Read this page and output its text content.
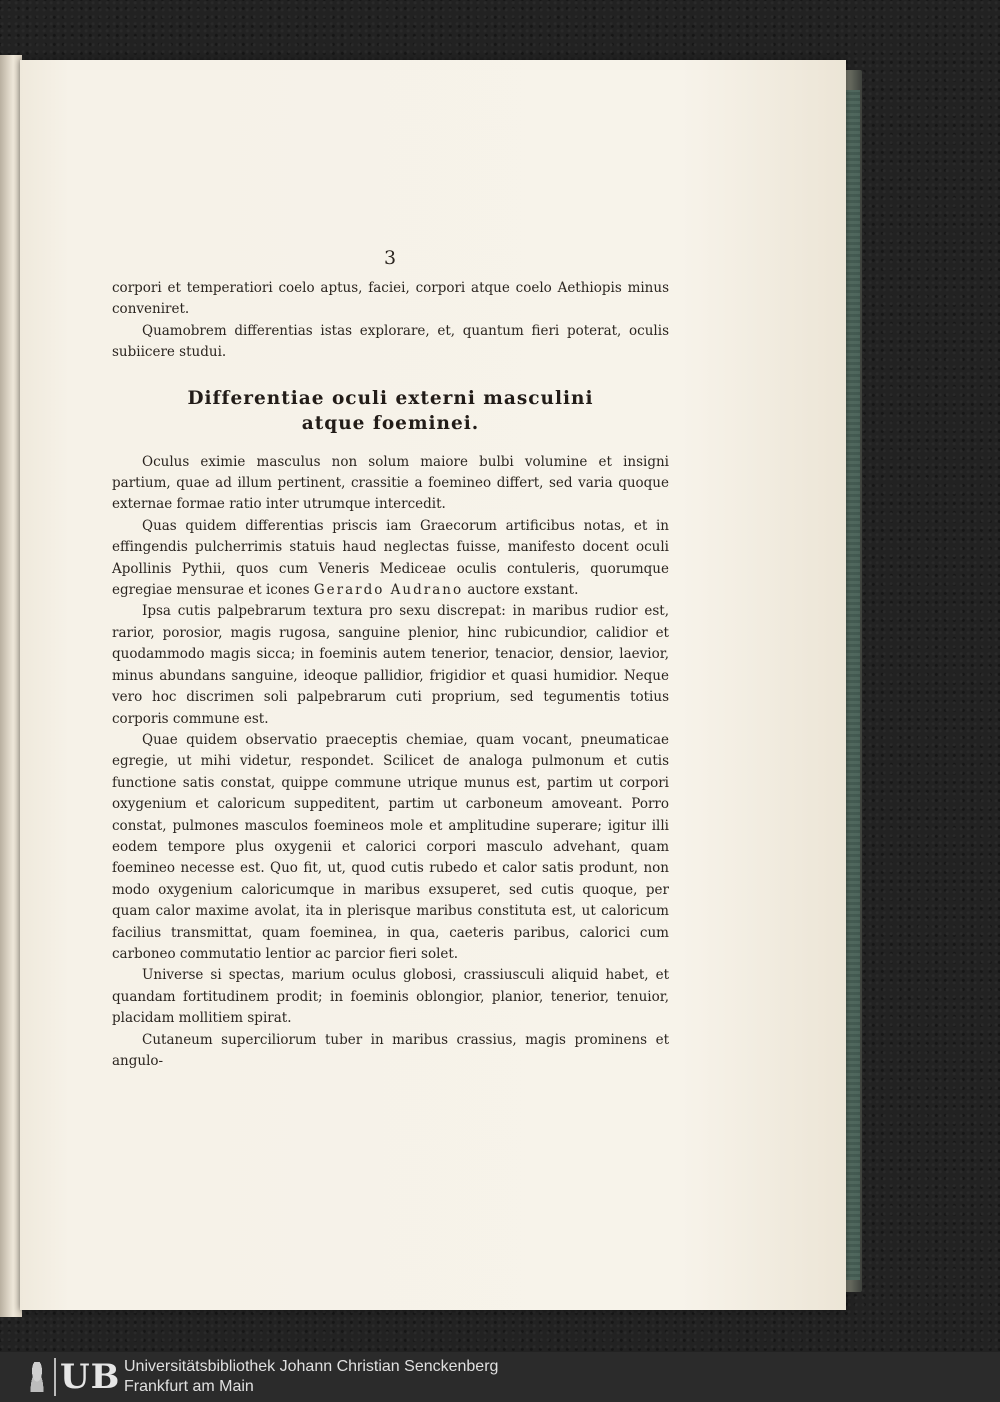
3

corpori et temperatiori coelo aptus, faciei, corpori atque coelo Aethiopis minus conveniret.

Quamobrem differentias istas explorare, et, quantum fieri poterat, oculis subiicere studui.

Differentiae oculi externi masculini
atque foeminei.

Oculus eximie masculus non solum maiore bulbi volumine et insigni partium, quae ad illum pertinent, crassitie a foemineo differt, sed varia quoque externae formae ratio inter utrumque intercedit.

Quas quidem differentias priscis iam Graecorum artificibus notas, et in effingendis pulcherrimis statuis haud neglectas fuisse, manifesto docent oculi Apollinis Pythii, quos cum Veneris Mediceae oculis contuleris, quorumque egregiae mensurae et icones Gerardo Audrano auctore exstant.

Ipsa cutis palpebrarum textura pro sexu discrepat: in maribus rudior est, rarior, porosior, magis rugosa, sanguine plenior, hinc rubicundior, calidior et quodammodo magis sicca; in foeminis autem tenerior, tenacior, densior, laevior, minus abundans sanguine, ideoque pallidior, frigidior et quasi humidior. Neque vero hoc discrimen soli palpebrarum cuti proprium, sed tegumentis totius corporis commune est.

Quae quidem observatio praeceptis chemiae, quam vocant, pneumaticae egregie, ut mihi videtur, respondet. Scilicet de analoga pulmonum et cutis functione satis constat, quippe commune utrique munus est, partim ut corpori oxygenium et caloricum suppeditent, partim ut carboneum amoveant. Porro constat, pulmones masculos foemineos mole et amplitudine superare; igitur illi eodem tempore plus oxygenii et calorici corpori masculo advehant, quam foemineo necesse est. Quo fit, ut, quod cutis rubedo et calor satis produnt, non modo oxygenium caloricumque in maribus exsuperet, sed cutis quoque, per quam calor maxime avolat, ita in plerisque maribus constituta est, ut caloricum facilius transmittat, quam foeminea, in qua, caeteris paribus, calorici cum carboneo commutatio lentior ac parcior fieri solet.

Universe si spectas, marium oculus globosi, crassiusculi aliquid habet, et quandam fortitudinem prodit; in foeminis oblongior, planior, tenerior, tenuior, placidam mollitiem spirat.

Cutaneum superciliorum tuber in maribus crassius, magis prominens et angulo-

UB Universitätsbibliothek Johann Christian Senckenberg
Frankfurt am Main
